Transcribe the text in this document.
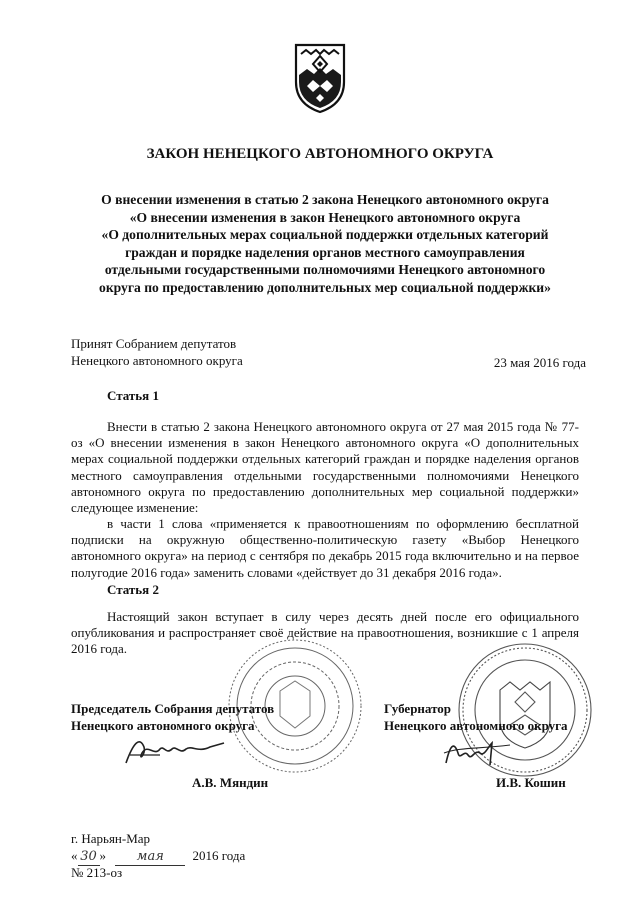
ЗАКОН НЕНЕЦКОГО АВТОНОМНОГО ОКРУГА
О внесении изменения в статью 2 закона Ненецкого автономного округа
«О внесении изменения в закон Ненецкого автономного округа
«О дополнительных мерах социальной поддержки отдельных категорий
граждан и порядке наделения органов местного самоуправления
отдельными государственными полномочиями Ненецкого автономного
округа по предоставлению дополнительных мер социальной поддержки»
Принят Собранием депутатов
Ненецкого автономного округа	23 мая 2016 года
Статья 1
Внести в статью 2 закона Ненецкого автономного округа от 27 мая 2015 года № 77-оз «О внесении изменения в закон Ненецкого автономного округа «О дополнительных мерах социальной поддержки отдельных категорий граждан и порядке наделения органов местного самоуправления отдельными государственными полномочиями Ненецкого автономного округа по предоставлению дополнительных мер социальной поддержки» следующее изменение:
в части 1 слова «применяется к правоотношениям по оформлению бесплатной подписки на окружную общественно-политическую газету «Выбор Ненецкого автономного округа» на период с сентября по декабрь 2015 года включительно и на первое полугодие 2016 года» заменить словами «действует до 31 декабря 2016 года».
Статья 2
Настоящий закон вступает в силу через десять дней после его официального опубликования и распространяет своё действие на правоотношения, возникшие с 1 апреля 2016 года.
Председатель Собрания депутатов
Ненецкого автономного округа
А.В. Мяндин
Губернатор
Ненецкого автономного округа
И.В. Кошин
г. Нарьян-Мар
« 30 » мая 2016 года
№ 213-оз
